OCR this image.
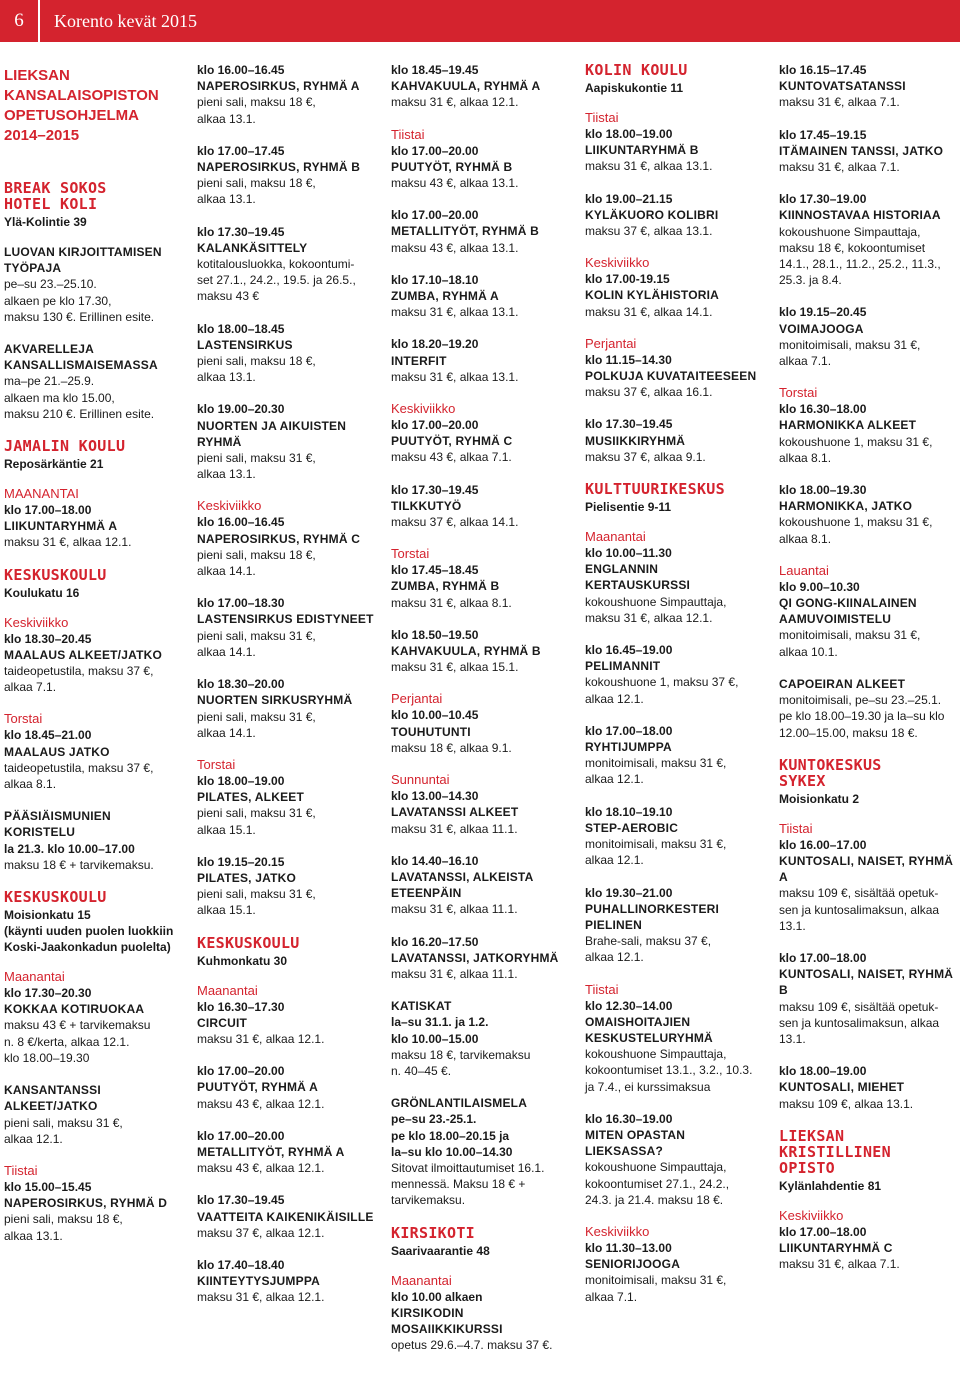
6	Korento kevät 2015
LIEKSAN
KANSALAISOPISTON
OPETUSOHJELMA
2014–2015
BREAK SOKOS
HOTEL KOLI
Ylä-Kolintie 39
LUOVAN KIRJOITTAMISEN TYÖPAJA
pe–su 23.–25.10.
alkaen pe klo 17.30,
maksu 130 €. Erillinen esite.
AKVARELLEJA KANSALLISMAISEMASSA
ma–pe 21.–25.9.
alkaen ma klo 15.00,
maksu 210 €. Erillinen esite.
JAMALIN KOULU
Reposärkäntie 21
MAANANTAI
klo 17.00–18.00
LIIKUNTARYHMÄ A
maksu 31 €, alkaa 12.1.
KESKUSKOULU
Koulukatu 16
Keskiviikko
klo 18.30–20.45
MAALAUS ALKEET/JATKO
taideopetustila, maksu 37 €,
alkaa 7.1.
Torstai
klo 18.45–21.00
MAALAUS JATKO
taideopetustila, maksu 37 €,
alkaa 8.1.
PÄÄSIÄISMUNIEN KORISTELU
la 21.3. klo 10.00–17.00
maksu 18 € + tarvikemaksu.
KESKUSKOULU
Moisionkatu 15
(käynti uuden puolen luokkiin
Koski-Jaakonkadun puolelta)
Maanantai
klo 17.30–20.30
KOKKAA KOTIRUOKAA
maksu 43 € + tarvikemaksu
n. 8 €/kerta, alkaa 12.1.
klo 18.00–19.30
KANSANTANSSI ALKEET/JATKO
pieni sali, maksu 31 €,
alkaa 12.1.
Tiistai
klo 15.00–15.45
NAPEROSIRKUS, RYHMÄ D
pieni sali, maksu 18 €,
alkaa 13.1.
klo 16.00–16.45
NAPEROSIRKUS, RYHMÄ A
pieni sali, maksu 18 €,
alkaa 13.1.
klo 17.00–17.45
NAPEROSIRKUS, RYHMÄ B
pieni sali, maksu 18 €,
alkaa 13.1.
klo 17.30–19.45
KALANKÄSITTELY
kotitalousluokka, kokoontumi-
set 27.1., 24.2., 19.5. ja 26.5.,
maksu 43 €
klo 18.00–18.45
LASTENSIRKUS
pieni sali, maksu 18 €,
alkaa 13.1.
klo 19.00–20.30
NUORTEN JA AIKUISTEN RYHMÄ
pieni sali, maksu 31 €,
alkaa 13.1.
Keskiviikko
klo 16.00–16.45
NAPEROSIRKUS, RYHMÄ C
pieni sali, maksu 18 €,
alkaa 14.1.
klo 17.00–18.30
LASTENSIRKUS EDISTYNEET
pieni sali, maksu 31 €,
alkaa 14.1.
klo 18.30–20.00
NUORTEN SIRKUSRYHMÄ
pieni sali, maksu 31 €,
alkaa 14.1.
Torstai
klo 18.00–19.00
PILATES, ALKEET
pieni sali, maksu 31 €,
alkaa 15.1.
klo 19.15–20.15
PILATES, JATKO
pieni sali, maksu 31 €,
alkaa 15.1.
KESKUSKOULU
Kuhmonkatu 30
Maanantai
klo 16.30–17.30
CIRCUIT
maksu 31 €, alkaa 12.1.
klo 17.00–20.00
PUUTYÖT, RYHMÄ A
maksu 43 €, alkaa 12.1.
klo 17.00–20.00
METALLITYÖT, RYHMÄ A
maksu 43 €, alkaa 12.1.
klo 17.30–19.45
VAATTEITA KAIKENIKÄISILLE
maksu 37 €, alkaa 12.1.
klo 17.40–18.40
KIINTEYTYSJUMPPA
maksu 31 €, alkaa 12.1.
klo 18.45–19.45
KAHVAKUULA, RYHMÄ A
maksu 31 €, alkaa 12.1.
Tiistai
klo 17.00–20.00
PUUTYÖT, RYHMÄ B
maksu 43 €, alkaa 13.1.
klo 17.00–20.00
METALLITYÖT, RYHMÄ B
maksu 43 €, alkaa 13.1.
klo 17.10–18.10
ZUMBA, RYHMÄ A
maksu 31 €, alkaa 13.1.
klo 18.20–19.20
INTERFIT
maksu 31 €, alkaa 13.1.
Keskiviikko
klo 17.00–20.00
PUUTYÖT, RYHMÄ C
maksu 43 €, alkaa 7.1.
klo 17.30–19.45
TILKKUTYÖ
maksu 37 €, alkaa 14.1.
Torstai
klo 17.45–18.45
ZUMBA, RYHMÄ B
maksu 31 €, alkaa 8.1.
klo 18.50–19.50
KAHVAKUULA, RYHMÄ B
maksu 31 €, alkaa 15.1.
Perjantai
klo 10.00–10.45
TOUHUTUNTI
maksu 18 €, alkaa 9.1.
Sunnuntai
klo 13.00–14.30
LAVATANSSI ALKEET
maksu 31 €, alkaa 11.1.
klo 14.40–16.10
LAVATANSSI, ALKEISTA ETEENPÄIN
maksu 31 €, alkaa 11.1.
klo 16.20–17.50
LAVATANSSI, JATKORYHMÄ
maksu 31 €, alkaa 11.1.
KATISKAT
la–su 31.1. ja 1.2.
klo 10.00–15.00
maksu 18 €, tarvikemaksu
n. 40–45 €.
GRÖNLANTILAISMELA
pe–su 23.-25.1.
pe klo 18.00–20.15 ja
la–su klo 10.00–14.30
Sitovat ilmoittautumiset 16.1.
mennessä. Maksu 18 € +
tarvikemaksu.
KIRSIKOTI
Saarivaarantie 48
Maanantai
klo 10.00 alkaen
KIRSIKODIN MOSAIIKKIKURSSI
opetus 29.6.–4.7. maksu 37 €.
KOLIN KOULU
Aapiskukontie 11
Tiistai
klo 18.00–19.00
LIIKUNTARYHMÄ B
maksu 31 €, alkaa 13.1.
klo 19.00–21.15
KYLÄKUORO KOLIBRI
maksu 37 €, alkaa 13.1.
Keskiviikko
klo 17.00-19.15
KOLIN KYLÄHISTORIA
maksu 31 €, alkaa 14.1.
Perjantai
klo 11.15–14.30
POLKUJA KUVATAITEESEEN
maksu 37 €, alkaa 16.1.
klo 17.30–19.45
MUSIIKKIRYHMÄ
maksu 37 €, alkaa 9.1.
KULTTUURIKESKUS
Pielisentie 9-11
Maanantai
klo 10.00–11.30
ENGLANNIN KERTAUSKURSSI
kokoushuone Simpauttaja,
maksu 31 €, alkaa 12.1.
klo 16.45–19.00
PELIMANNIT
kokoushuone 1, maksu 37 €,
alkaa 12.1.
klo 17.00–18.00
RYHTIJUMPPA
monitoimisali, maksu 31 €,
alkaa 12.1.
klo 18.10–19.10
STEP-AEROBIC
monitoimisali, maksu 31 €,
alkaa 12.1.
klo 19.30–21.00
PUHALLINORKESTERI PIELINEN
Brahe-sali, maksu 37 €,
alkaa 12.1.
Tiistai
klo 12.30–14.00
OMAISHOITAJIEN KESKUSTELURYHMÄ
kokoushuone Simpauttaja,
kokoontumiset 13.1., 3.2., 10.3.
ja 7.4., ei kurssimaksua
klo 16.30–19.00
MITEN OPASTAN LIEKSASSA?
kokoushuone Simpauttaja,
kokoontumiset 27.1., 24.2.,
24.3. ja 21.4. maksu 18 €.
Keskiviikko
klo 11.30–13.00
SENIORIJOOGA
monitoimisali, maksu 31 €,
alkaa 7.1.
klo 16.15–17.45
KUNTOVATSATANSSI
maksu 31 €, alkaa 7.1.
klo 17.45–19.15
ITÄMAINEN TANSSI, JATKO
maksu 31 €, alkaa 7.1.
klo 17.30–19.00
KIINNOSTAVAA HISTORIAA
kokoushuone Simpauttaja,
maksu 18 €, kokoontumiset
14.1., 28.1., 11.2., 25.2., 11.3.,
25.3. ja 8.4.
klo 19.15–20.45
VOIMAJOOGA
monitoimisali, maksu 31 €,
alkaa 7.1.
Torstai
klo 16.30–18.00
HARMONIKKA ALKEET
kokoushuone 1, maksu 31 €,
alkaa 8.1.
klo 18.00–19.30
HARMONIKKA, JATKO
kokoushuone 1, maksu 31 €,
alkaa 8.1.
Lauantai
klo 9.00–10.30
QI GONG-KIINALAINEN AAMUVOIMISTELU
monitoimisali, maksu 31 €,
alkaa 10.1.
CAPOEIRAN ALKEET
monitoimisali, pe–su 23.–25.1.
pe klo 18.00–19.30 ja la–su klo
12.00–15.00, maksu 18 €.
KUNTOKESKUS
SYKEX
Moisionkatu 2
Tiistai
klo 16.00–17.00
KUNTOSALI, NAISET, RYHMÄ A
maksu 109 €, sisältää opetuk-
sen ja kuntosalimaksun, alkaa
13.1.
klo 17.00–18.00
KUNTOSALI, NAISET, RYHMÄ B
maksu 109 €, sisältää opetuk-
sen ja kuntosalimaksun, alkaa
13.1.
klo 18.00–19.00
KUNTOSALI, MIEHET
maksu 109 €, alkaa 13.1.
LIEKSAN
KRISTILLINEN
OPISTO
Kylänlahdentie 81
Keskiviikko
klo 17.00–18.00
LIIKUNTARYHMÄ C
maksu 31 €, alkaa 7.1.
